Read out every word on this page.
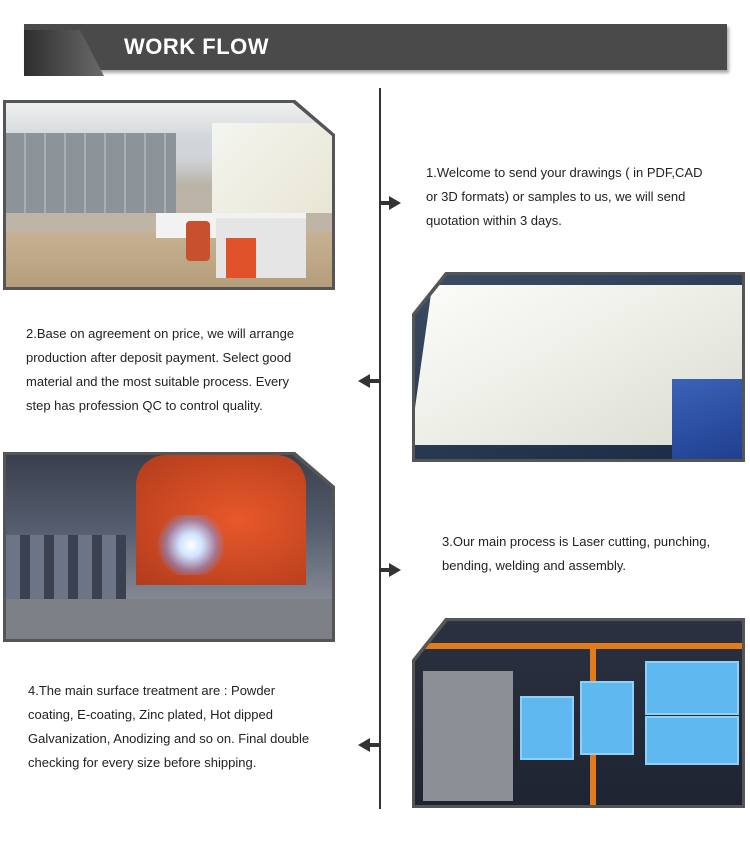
WORK FLOW
1.Welcome to send your drawings ( in PDF,CAD
or 3D formats) or samples to us, we will send
quotation within 3 days.
2.Base on agreement on price, we will arrange
production after deposit payment. Select good
material and the most suitable process. Every
step has profession QC to control quality.
3.Our main process is Laser cutting, punching,
bending, welding and assembly.
4.The main surface treatment are : Powder
coating, E-coating, Zinc plated, Hot dipped
Galvanization, Anodizing and so on. Final double
checking for every size before shipping.
